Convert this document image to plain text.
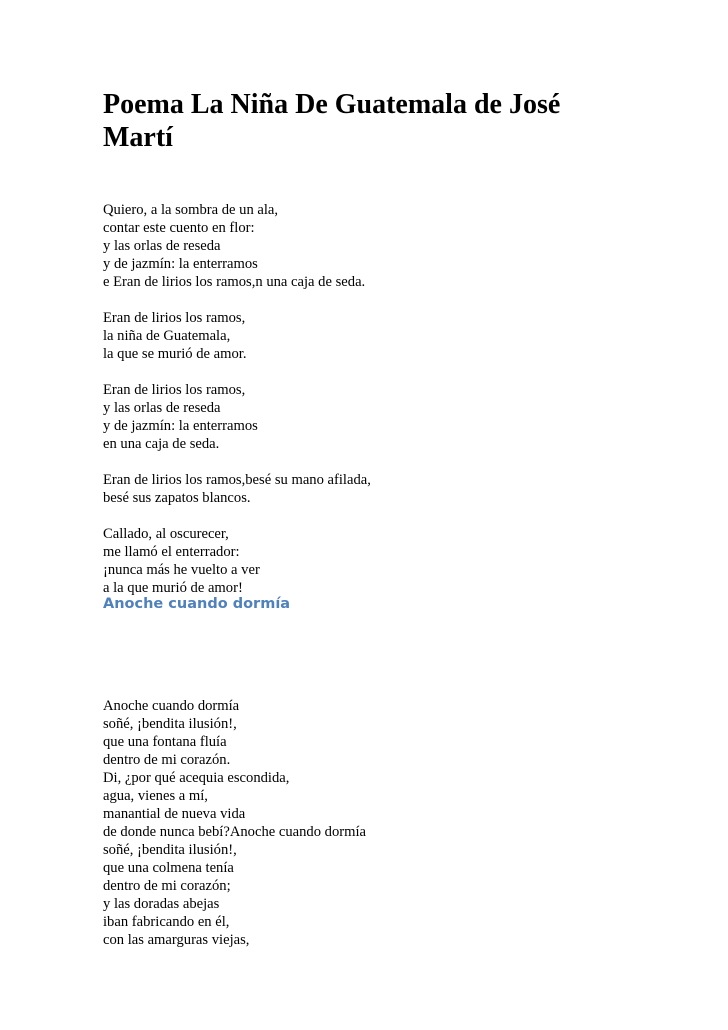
Poema La Niña De Guatemala de José Martí
Quiero, a la sombra de un ala,
contar este cuento en flor:
y las orlas de reseda
y de jazmín: la enterramos
e Eran de lirios los ramos,n una caja de seda.
Eran de lirios los ramos,
la niña de Guatemala,
la que se murió de amor.
Eran de lirios los ramos,
y las orlas de reseda
y de jazmín: la enterramos
en una caja de seda.
Eran de lirios los ramos,besé su mano afilada,
besé sus zapatos blancos.
Callado, al oscurecer,
me llamó el enterrador:
¡nunca más he vuelto a ver
a la que murió de amor!
Anoche cuando dormía
Anoche cuando dormía
soñé, ¡bendita ilusión!,
que una fontana fluía
dentro de mi corazón.
Di, ¿por qué acequia escondida,
agua, vienes a mí,
manantial de nueva vida
de donde nunca bebí?Anoche cuando dormía
soñé, ¡bendita ilusión!,
que una colmena tenía
dentro de mi corazón;
y las doradas abejas
iban fabricando en él,
con las amarguras viejas,
